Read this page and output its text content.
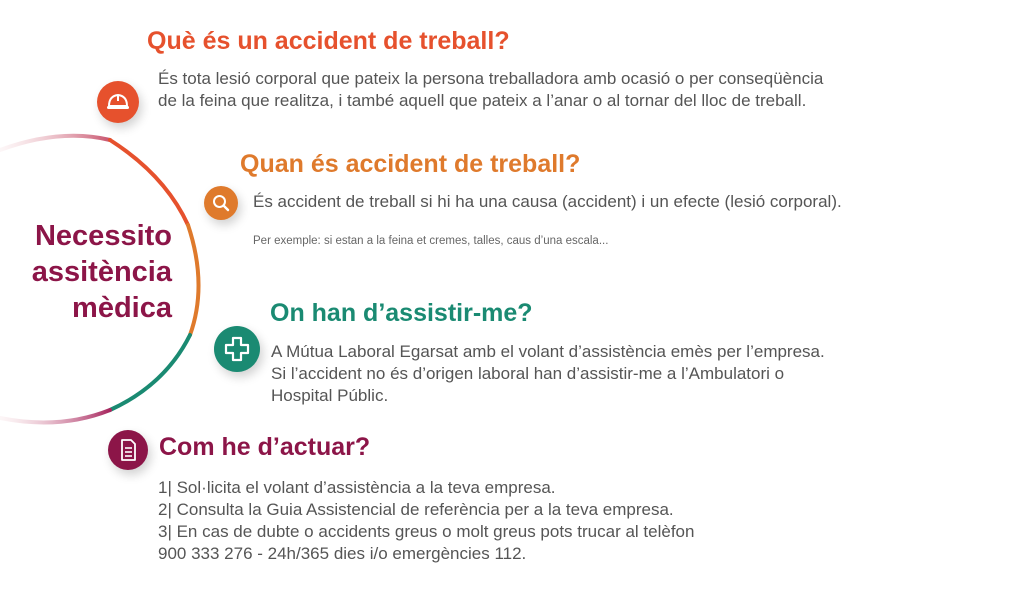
Necessito
assitència
mèdica
Què és un accident de treball?
És tota lesió corporal que pateix la persona treballadora amb ocasió o per conseqüència
de la feina que realitza, i també aquell que pateix a l’anar o al tornar del lloc de treball.
Quan és accident de treball?
És accident de treball si hi ha una causa (accident) i un efecte (lesió corporal).
Per exemple: si estan a la feina et cremes, talles, caus d’una escala...
On han d’assistir-me?
A Mútua Laboral Egarsat amb el volant d’assistència emès per l’empresa.
Si l’accident no és d’origen laboral han d’assistir-me a l’Ambulatori o
Hospital Públic.
Com he d’actuar?
1| Sol·licita el volant d’assistència a la teva empresa.
2| Consulta la Guia Assistencial de referència per a la teva empresa.
3| En cas de dubte o accidents greus o molt greus pots trucar al telèfon
900 333 276 - 24h/365 dies i/o emergències 112.
